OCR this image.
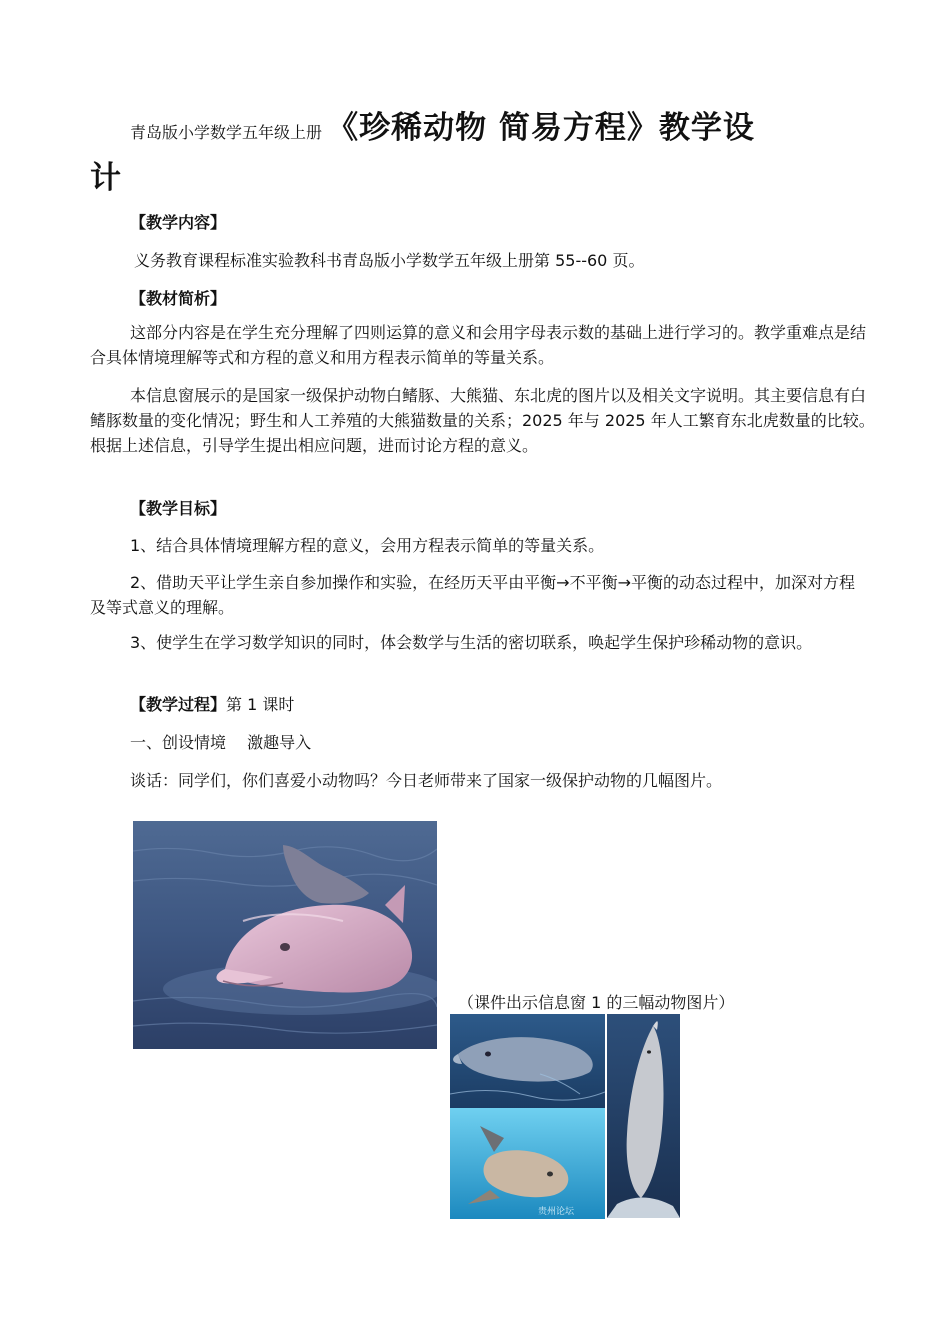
青岛版小学数学五年级上册 《珍稀动物 简易方程》教学设
计
【教学内容】
义务教育课程标准实验教科书青岛版小学数学五年级上册第 55--60 页。
【教材简析】
这部分内容是在学生充分理解了四则运算的意义和会用字母表示数的基础上进行学习的。教学重难点是结合具体情境理解等式和方程的意义和用方程表示简单的等量关系。
本信息窗展示的是国家一级保护动物白鳍豚、大熊猫、东北虎的图片以及相关文字说明。其主要信息有白鳍豚数量的变化情况；野生和人工养殖的大熊猫数量的关系；2025 年与 2025 年人工繁育东北虎数量的比较。根据上述信息，引导学生提出相应问题，进而讨论方程的意义。
【教学目标】
1、结合具体情境理解方程的意义，会用方程表示简单的等量关系。
2、借助天平让学生亲自参加操作和实验，在经历天平由平衡→不平衡→平衡的动态过程中，加深对方程及等式意义的理解。
3、使学生在学习数学知识的同时，体会数学与生活的密切联系，唤起学生保护珍稀动物的意识。
【教学过程】第 1 课时
一、创设情境　 激趣导入
谈话：同学们，你们喜爱小动物吗？今日老师带来了国家一级保护动物的几幅图片。
（课件出示信息窗 1 的三幅动物图片）
贵州论坛
